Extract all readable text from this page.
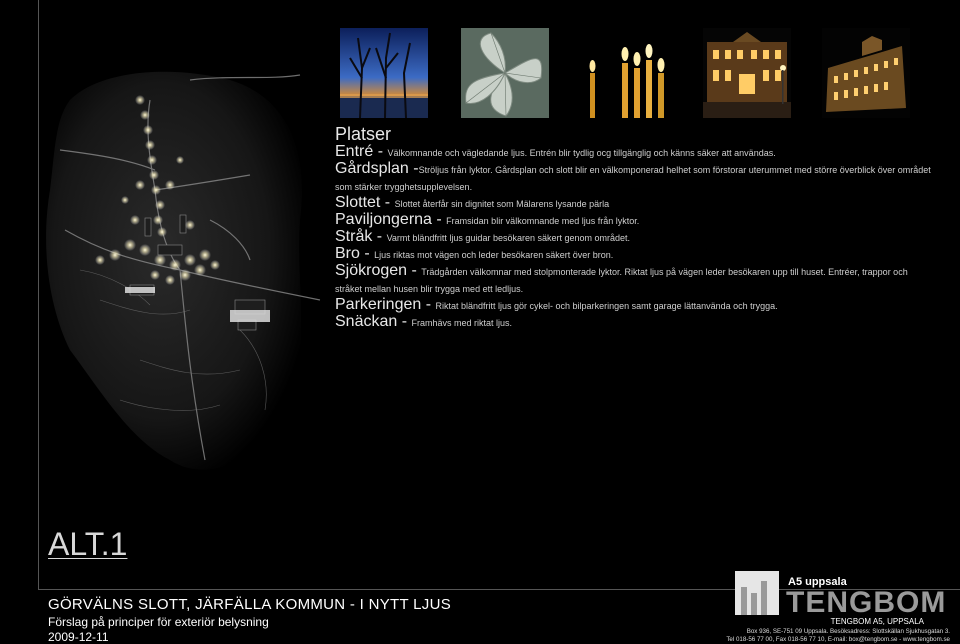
Platser

Entré - Välkomnande och vägledande ljus. Entrén blir tydlig ocg tillgänglig och känns säker att användas.

Gårdsplan -Ströljus från lyktor. Gårdsplan och slott blir en välkomponerad helhet som förstorar uterummet med större överblick över området som stärker trygghetsupplevelsen.

Slottet - Slottet återfår sin dignitet som Mälarens lysande pärla

Paviljongerna - Framsidan blir välkomnande med ljus från lyktor.

Stråk - Varmt bländfritt ljus guidar besökaren säkert genom området.

Bro - Ljus riktas mot vägen och leder besökaren säkert över bron.

Sjökrogen - Trädgården välkomnar med stolpmonterade lyktor. Riktat ljus på vägen leder besökaren upp till huset. Entréer, trappor och stråket mellan husen blir trygga med ett ledljus.

Parkeringen - Riktat bländfritt ljus gör cykel- och bilparkeringen samt garage lättanvända och trygga.

Snäckan - Framhävs med riktat ljus.

ALT.1
GÖRVÄLNS SLOTT, JÄRFÄLLA KOMMUN - I NYTT LJUS
Förslag på principer för exteriör belysning
2009-12-11
A5 uppsala
TENGBOM
TENGBOM A5, UPPSALA
Box 936, SE-751 09 Uppsala. Besöksadress: Slottskällan Sjukhusgatan 3.
Tel 018-56 77 00, Fax 018-56 77 10, E-mail: box@tengbom.se - www.tengbom.se
